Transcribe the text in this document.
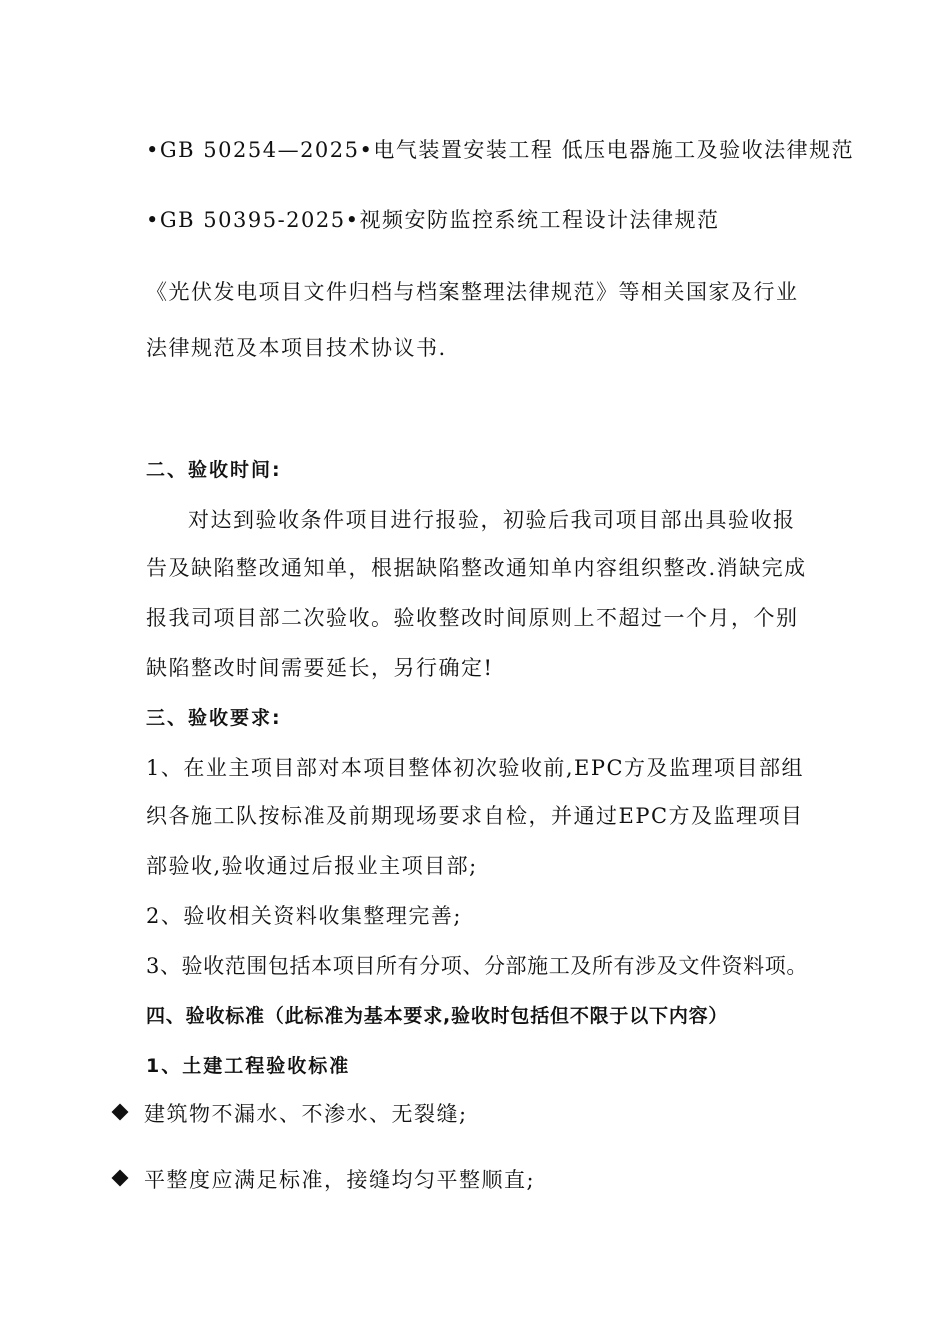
•GB 50254—2025•电气装置安装工程 低压电器施工及验收法律规范

•GB 50395-2025•视频安防监控系统工程设计法律规范

《光伏发电项目文件归档与档案整理法律规范》等相关国家及行业

法律规范及本项目技术协议书.

二、验收时间:

对达到验收条件项目进行报验，初验后我司项目部出具验收报

告及缺陷整改通知单，根据缺陷整改通知单内容组织整改.消缺完成

报我司项目部二次验收。验收整改时间原则上不超过一个月，个别

缺陷整改时间需要延长，另行确定!

三、验收要求:

1、在业主项目部对本项目整体初次验收前,EPC方及监理项目部组

织各施工队按标准及前期现场要求自检，并通过EPC方及监理项目

部验收,验收通过后报业主项目部;

2、验收相关资料收集整理完善;

3、验收范围包括本项目所有分项、分部施工及所有涉及文件资料项。

四、验收标准（此标准为基本要求,验收时包括但不限于以下内容）

1、土建工程验收标准

建筑物不漏水、不渗水、无裂缝;

平整度应满足标准，接缝均匀平整顺直;
